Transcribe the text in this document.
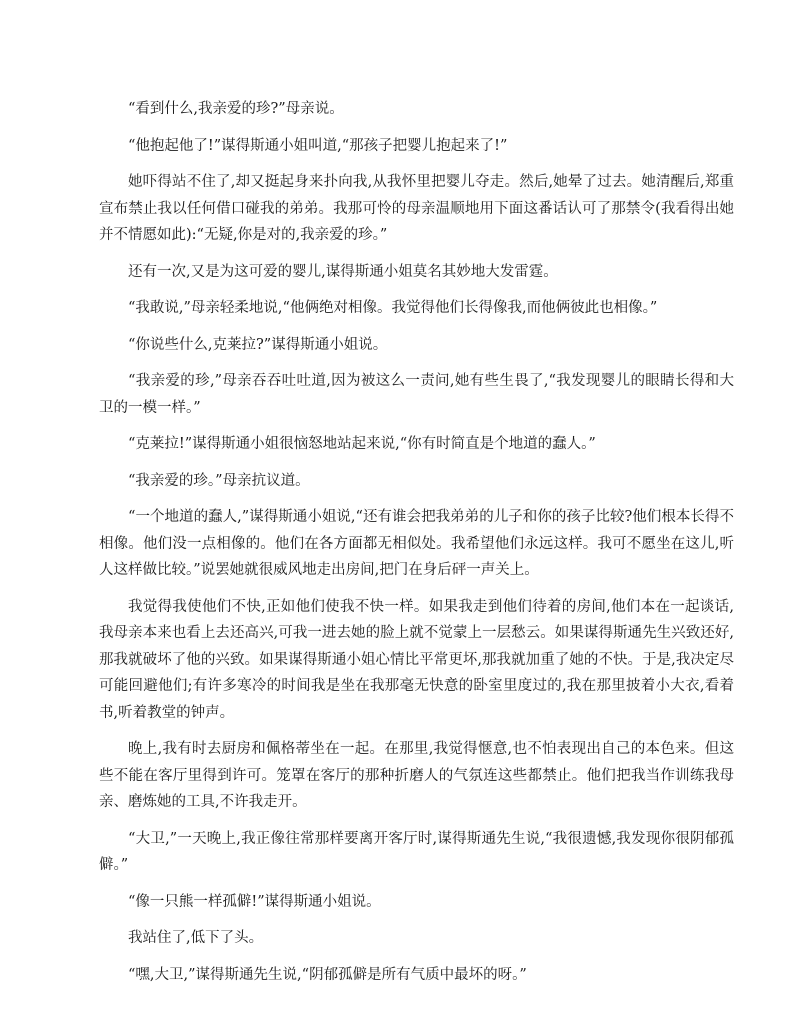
“看到什么,我亲爱的珍?”母亲说。

“他抱起他了!”谋得斯通小姐叫道,“那孩子把婴儿抱起来了!”

她吓得站不住了,却又挺起身来扑向我,从我怀里把婴儿夺走。然后,她晕了过去。她清醒后,郑重宣布禁止我以任何借口碰我的弟弟。我那可怜的母亲温顺地用下面这番话认可了那禁令(我看得出她并不情愿如此):“无疑,你是对的,我亲爱的珍。”

还有一次,又是为这可爱的婴儿,谋得斯通小姐莫名其妙地大发雷霆。

“我敢说,”母亲轻柔地说,“他俩绝对相像。我觉得他们长得像我,而他俩彼此也相像。”

“你说些什么,克莱拉?”谋得斯通小姐说。

“我亲爱的珍,”母亲吞吞吐吐道,因为被这么一责问,她有些生畏了,“我发现婴儿的眼睛长得和大卫的一模一样。”

“克莱拉!”谋得斯通小姐很恼怒地站起来说,“你有时简直是个地道的蠢人。”

“我亲爱的珍。”母亲抗议道。

“一个地道的蠢人,”谋得斯通小姐说,“还有谁会把我弟弟的儿子和你的孩子比较?他们根本长得不相像。他们没一点相像的。他们在各方面都无相似处。我希望他们永远这样。我可不愿坐在这儿,听人这样做比较。”说罢她就很威风地走出房间,把门在身后砰一声关上。

我觉得我使他们不快,正如他们使我不快一样。如果我走到他们待着的房间,他们本在一起谈话,我母亲本来也看上去还高兴,可我一进去她的脸上就不觉蒙上一层愁云。如果谋得斯通先生兴致还好,那我就破坏了他的兴致。如果谋得斯通小姐心情比平常更坏,那我就加重了她的不快。于是,我决定尽可能回避他们;有许多寒冷的时间我是坐在我那毫无快意的卧室里度过的,我在那里披着小大衣,看着书,听着教堂的钟声。

晚上,我有时去厨房和佩格蒂坐在一起。在那里,我觉得惬意,也不怕表现出自己的本色来。但这些不能在客厅里得到许可。笼罩在客厅的那种折磨人的气氛连这些都禁止。他们把我当作训练我母亲、磨炼她的工具,不许我走开。

“大卫,”一天晚上,我正像往常那样要离开客厅时,谋得斯通先生说,“我很遗憾,我发现你很阴郁孤僻。”

“像一只熊一样孤僻!”谋得斯通小姐说。

我站住了,低下了头。

“嘿,大卫,”谋得斯通先生说,“阴郁孤僻是所有气质中最坏的呀。”
